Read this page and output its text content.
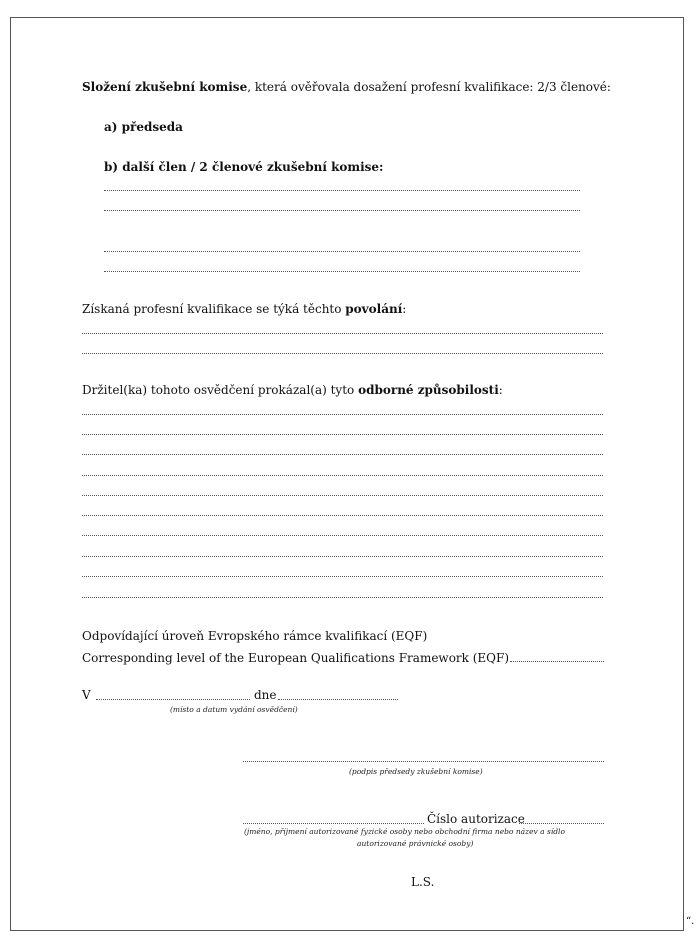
Složení zkušební komise, která ověřovala dosažení profesní kvalifikace: 2/3 členové:
a) předseda
b) další člen / 2 členové zkušební komise:
Získaná profesní kvalifikace se týká těchto povolání:
Držitel(ka) tohoto osvědčení prokázal(a) tyto odborné způsobilosti:
Odpovídající úroveň Evropského rámce kvalifikací (EQF)
Corresponding level of the European Qualifications Framework (EQF)
V	dne
(místo a datum vydání osvědčení)
(podpis předsedy zkušební komise)
Číslo autorizace
(jméno, příjmení autorizované fyzické osoby nebo obchodní firma nebo název a sídlo
autorizované právnické osoby)
L.S.
“.
